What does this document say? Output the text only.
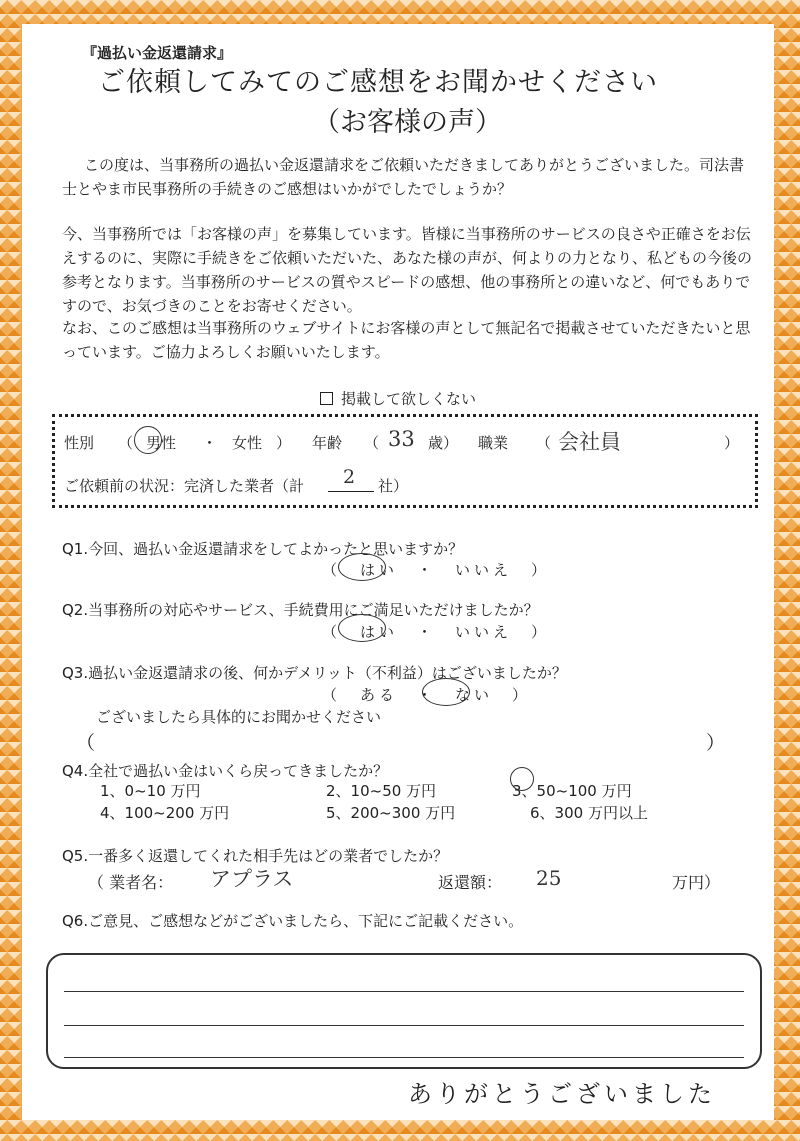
『過払い金返還請求』
ご依頼してみてのご感想をお聞かせください
（お客様の声）
この度は、当事務所の過払い金返還請求をご依頼いただきましてありがとうございました。司法書士とやま市民事務所の手続きのご感想はいかがでしたでしょうか？
今、当事務所では「お客様の声」を募集しています。皆様に当事務所のサービスの良さや正確さをお伝えするのに、実際に手続きをご依頼いただいた、あなた様の声が、何よりの力となり、私どもの今後の参考となります。当事務所のサービスの質やスピードの感想、他の事務所との違いなど、何でもありですので、お気づきのことをお寄せください。
なお、このご感想は当事務所のウェブサイトにお客様の声として無記名で掲載させていただきたいと思っています。ご協力よろしくお願いいたします。
掲載して欲しくない
性別 （ 男性 ・ 女性 ） 年齢 （ 33 歳） 職業 （ 会社員	）
ご依頼前の状況：完済した業者（計 2 社）
Q1.今回、過払い金返還請求をしてよかったと思いますか？
（　はい　・　いいえ　）
Q2.当事務所の対応やサービス、手続費用にご満足いただけましたか？
（　はい　・　いいえ　）
Q3.過払い金返還請求の後、何かデメリット（不利益）はございましたか？
（　ある　・　ない　）
ございましたら具体的にお聞かせください
（	）
Q4.全社で過払い金はいくら戻ってきましたか？
1、0~10 万円	2、10~50 万円	3、50~100 万円
4、100~200 万円	5、200~300 万円	6、300 万円以上
Q5.一番多く返還してくれた相手先はどの業者でしたか？
（ 業者名： アプラス	返還額： 25	万円）
Q6.ご意見、ご感想などがございましたら、下記にご記載ください。
ありがとうございました
